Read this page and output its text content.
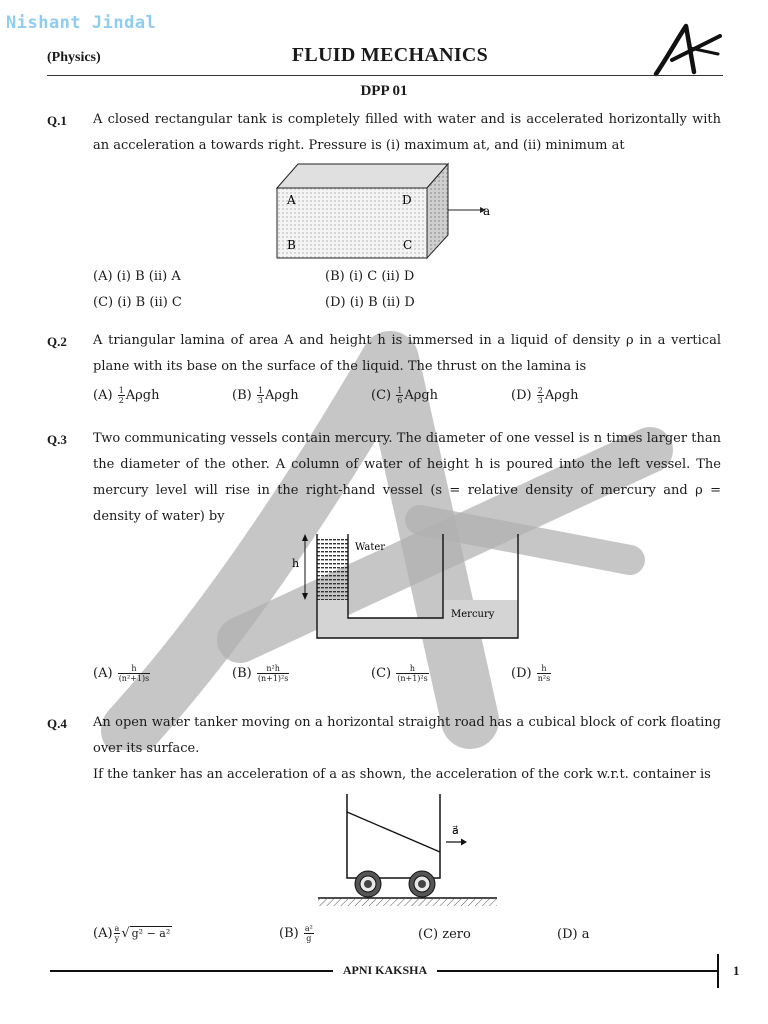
Nishant Jindal
(Physics)	FLUID MECHANICS
DPP 01
Q.1 A closed rectangular tank is completely filled with water and is accelerated horizontally with an acceleration a towards right. Pressure is (i) maximum at, and (ii) minimum at
A	D
B	C
a
(A) (i) B (ii) A	(B) (i) C (ii) D
(C) (i) B (ii) C	(D) (i) B (ii) D
Q.2 A triangular lamina of area A and height h is immersed in a liquid of density ρ in a vertical plane with its base on the surface of the liquid. The thrust on the lamina is
$(A) \frac{1}{2}$ Aρgh	$(B) \frac{1}{3}$ Aρgh	$(C) \frac{1}{6}$ Aρgh	$(D) \frac{2}{3}$ Aρgh
Q.3 Two communicating vessels contain mercury. The diameter of one vessel is n times larger than the diameter of the other. A column of water of height h is poured into the left vessel. The mercury level will rise in the right-hand vessel (s = relative density of mercury and ρ = density of water) by
h
Water
Mercury
$(A) \frac{h}{\text{(n²+1)s}}$	$(B) \frac{\text{n²h}}{\text{(n+1)²s}}$	$(C) \frac{h}{\text{(n+1)²s}}$	$(D) \frac{h}{\text{n²s}}$
Q.4 An open water tanker moving on a horizontal straight road has a cubical block of cork floating over its surface.
If the tanker has an acceleration of a as shown, the acceleration of the cork w.r.t. container is
a⃗
$(A) \frac{a}{y}$ √ g² − a²	$(B) \frac{\text{a²}}{g}$	(C) zero	(D) a
APNI KAKSHA	1
